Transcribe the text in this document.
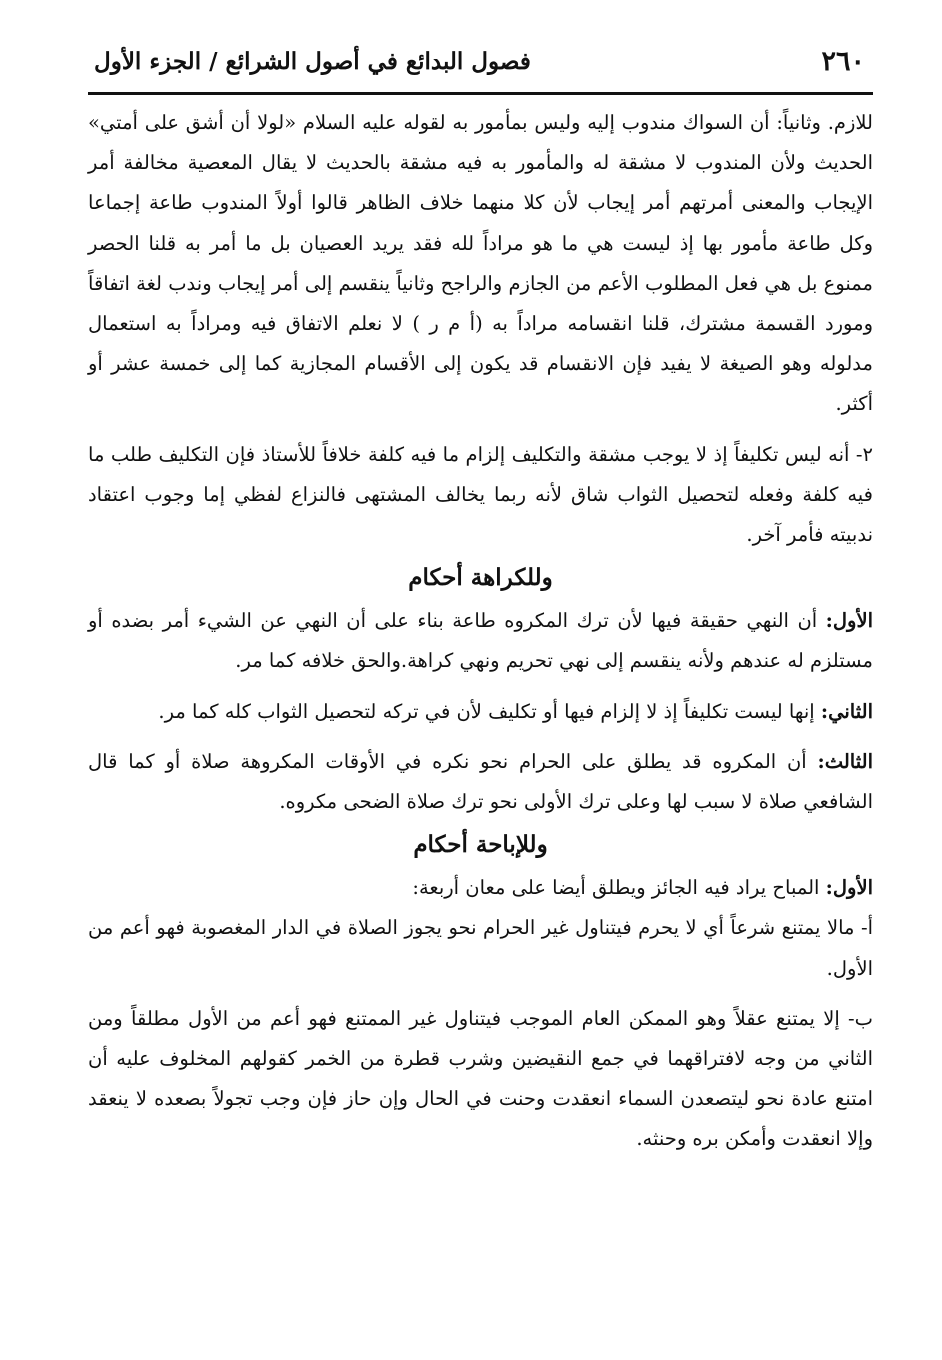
٢٦٠
فصول البدائع في أصول الشرائع / الجزء الأول

للازم. وثانياً: أن السواك مندوب إليه وليس بمأمور به لقوله عليه السلام «لولا أن أشق على أمتي» الحديث ولأن المندوب لا مشقة له والمأمور به فيه مشقة بالحديث لا يقال المعصية مخالفة أمر الإيجاب والمعنى أمرتهم أمر إيجاب لأن كلا منهما خلاف الظاهر قالوا أولاً المندوب طاعة إجماعا وكل طاعة مأمور بها إذ ليست هي ما هو مراداً لله فقد يريد العصيان بل ما أمر به قلنا الحصر ممنوع بل هي فعل المطلوب الأعم من الجازم والراجح وثانياً ينقسم إلى أمر إيجاب وندب لغة اتفاقاً ومورد القسمة مشترك، قلنا انقسامه مراداً به (أ م ر ) لا نعلم الاتفاق فيه ومراداً به استعمال مدلوله وهو الصيغة لا يفيد فإن الانقسام قد يكون إلى الأقسام المجازية كما إلى خمسة عشر أو أكثر.

٢- أنه ليس تكليفاً إذ لا يوجب مشقة والتكليف إلزام ما فيه كلفة خلافاً للأستاذ فإن التكليف طلب ما فيه كلفة وفعله لتحصيل الثواب شاق لأنه ربما يخالف المشتهى فالنزاع لفظي إما وجوب اعتقاد ندبيته فأمر آخر.

وللكراهة أحكام

الأول: أن النهي حقيقة فيها لأن ترك المكروه طاعة بناء على أن النهي عن الشيء أمر بضده أو مستلزم له عندهم ولأنه ينقسم إلى نهي تحريم ونهي كراهة.والحق خلافه كما مر.

الثاني: إنها ليست تكليفاً إذ لا إلزام فيها أو تكليف لأن في تركه لتحصيل الثواب كله كما مر.

الثالث: أن المكروه قد يطلق على الحرام نحو نكره في الأوقات المكروهة صلاة أو كما قال الشافعي صلاة لا سبب لها وعلى ترك الأولى نحو ترك صلاة الضحى مكروه.

وللإباحة أحكام

الأول: المباح يراد فيه الجائز ويطلق أيضا على معان أربعة:

أ- مالا يمتنع شرعاً أي لا يحرم فيتناول غير الحرام نحو يجوز الصلاة في الدار المغصوبة فهو أعم من الأول.

ب- إلا يمتنع عقلاً وهو الممكن العام الموجب فيتناول غير الممتنع فهو أعم من الأول مطلقاً ومن الثاني من وجه لافتراقهما في جمع النقيضين وشرب قطرة من الخمر كقولهم المخلوف عليه أن امتنع عادة نحو ليتصعدن السماء انعقدت وحنت في الحال وإن حاز فإن وجب تجولاً بصعده لا ينعقد وإلا انعقدت وأمكن بره وحنثه.
